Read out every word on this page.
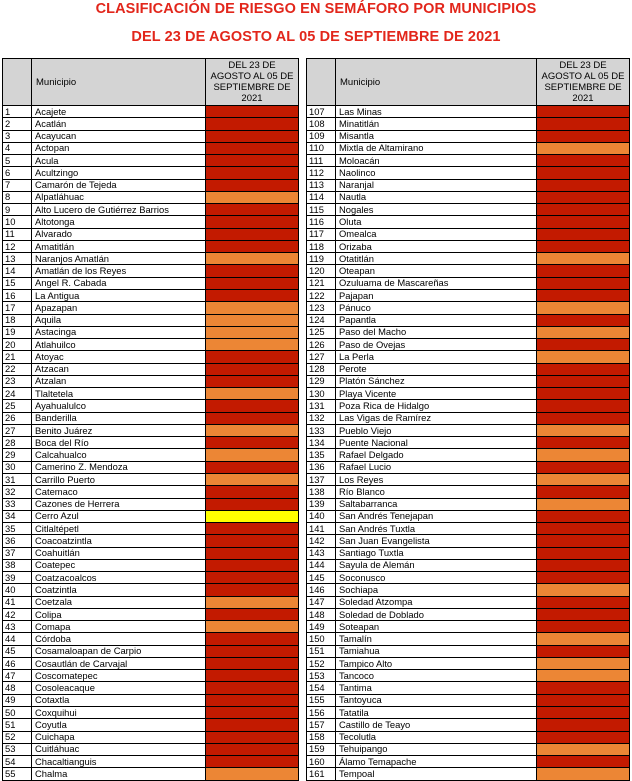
CLASIFICACIÓN DE RIESGO EN SEMÁFORO POR MUNICIPIOS
DEL 23 DE AGOSTO AL 05 DE SEPTIEMBRE DE 2021
	Municipio	DEL 23 DE AGOSTO AL 05 DE SEPTIEMBRE DE 2021
1	Acajete	
2	Acatlán	
3	Acayucan	
4	Actopan	
5	Acula	
6	Acultzingo	
7	Camarón de Tejeda	
8	Alpatláhuac	
9	Alto Lucero de Gutiérrez Barrios	
10	Altotonga	
11	Alvarado	
12	Amatitlán	
13	Naranjos Amatlán	
14	Amatlán de los Reyes	
15	Angel R. Cabada	
16	La Antigua	
17	Apazapan	
18	Aquila	
19	Astacinga	
20	Atlahuilco	
21	Atoyac	
22	Atzacan	
23	Atzalan	
24	Tlaltetela	
25	Ayahualulco	
26	Banderilla	
27	Benito Juárez	
28	Boca del Río	
29	Calcahualco	
30	Camerino Z. Mendoza	
31	Carrillo Puerto	
32	Catemaco	
33	Cazones de Herrera	
34	Cerro Azul	
35	Citlaltépetl	
36	Coacoatzintla	
37	Coahuitlán	
38	Coatepec	
39	Coatzacoalcos	
40	Coatzintla	
41	Coetzala	
42	Colipa	
43	Comapa	
44	Córdoba	
45	Cosamaloapan de Carpio	
46	Cosautlán de Carvajal	
47	Coscomatepec	
48	Cosoleacaque	
49	Cotaxtla	
50	Coxquihui	
51	Coyutla	
52	Cuichapa	
53	Cuitláhuac	
54	Chacaltianguis	
55	Chalma	
	Municipio	DEL 23 DE AGOSTO AL 05 DE SEPTIEMBRE DE 2021
107	Las Minas	
108	Minatitlán	
109	Misantla	
110	Mixtla de Altamirano	
111	Moloacán	
112	Naolinco	
113	Naranjal	
114	Nautla	
115	Nogales	
116	Oluta	
117	Omealca	
118	Orizaba	
119	Otatitlán	
120	Oteapan	
121	Ozuluama de Mascareñas	
122	Pajapan	
123	Pánuco	
124	Papantla	
125	Paso del Macho	
126	Paso de Ovejas	
127	La Perla	
128	Perote	
129	Platón Sánchez	
130	Playa Vicente	
131	Poza Rica de Hidalgo	
132	Las Vigas de Ramírez	
133	Pueblo Viejo	
134	Puente Nacional	
135	Rafael Delgado	
136	Rafael Lucio	
137	Los Reyes	
138	Río Blanco	
139	Saltabarranca	
140	San Andrés Tenejapan	
141	San Andrés Tuxtla	
142	San Juan Evangelista	
143	Santiago Tuxtla	
144	Sayula de Alemán	
145	Soconusco	
146	Sochiapa	
147	Soledad Atzompa	
148	Soledad de Doblado	
149	Soteapan	
150	Tamalín	
151	Tamiahua	
152	Tampico Alto	
153	Tancoco	
154	Tantima	
155	Tantoyuca	
156	Tatatila	
157	Castillo de Teayo	
158	Tecolutla	
159	Tehuipango	
160	Álamo Temapache	
161	Tempoal	
